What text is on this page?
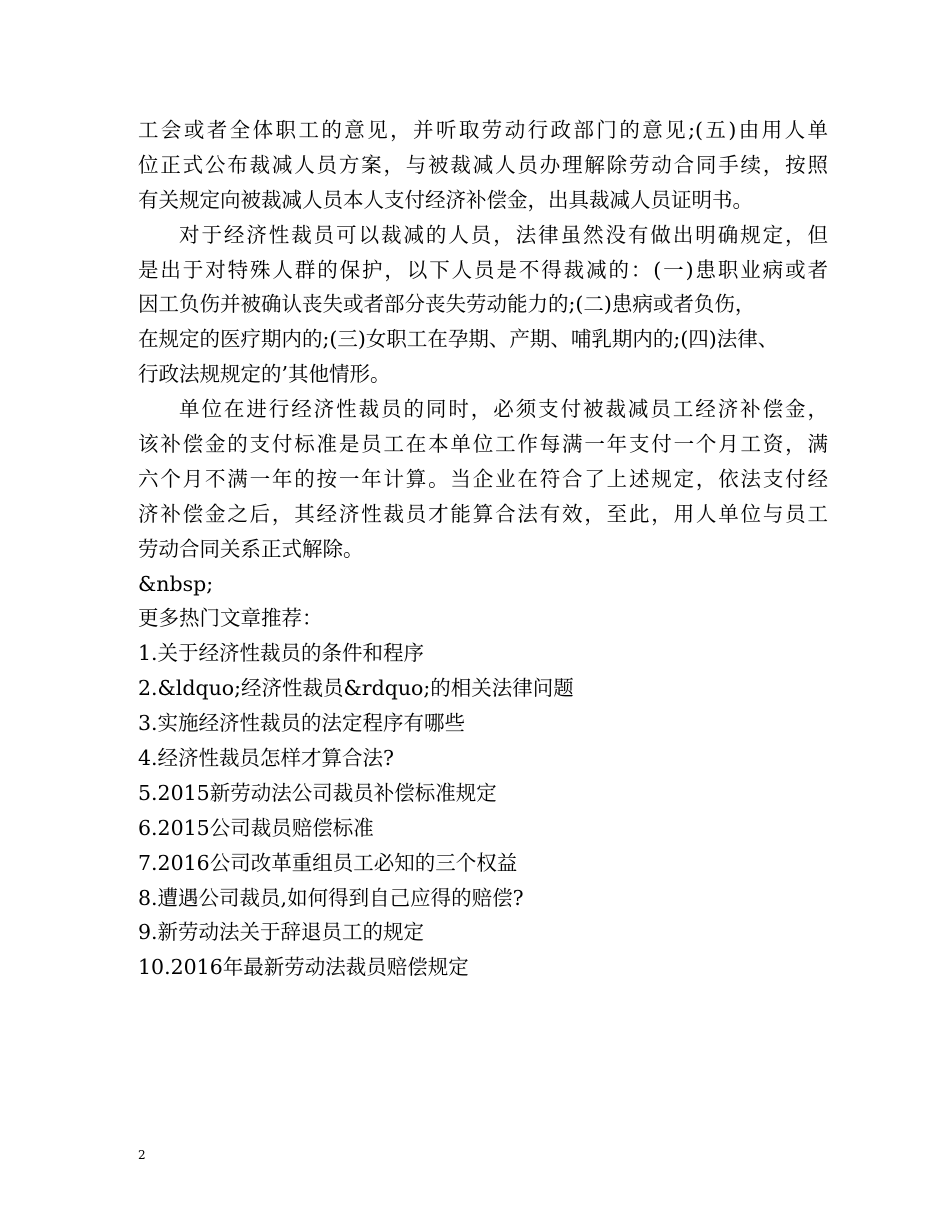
工会或者全体职工的意见，并听取劳动行政部门的意见;(五)由用人单
位正式公布裁减人员方案，与被裁减人员办理解除劳动合同手续，按照
有关规定向被裁减人员本人支付经济补偿金，出具裁减人员证明书。
对于经济性裁员可以裁减的人员，法律虽然没有做出明确规定，但
是出于对特殊人群的保护，以下人员是不得裁减的：(一)患职业病或者
因工负伤并被确认丧失或者部分丧失劳动能力的;(二)患病或者负伤，
在规定的医疗期内的;(三)女职工在孕期、产期、哺乳期内的;(四)法律、
行政法规规定的’其他情形。
单位在进行经济性裁员的同时，必须支付被裁减员工经济补偿金，
该补偿金的支付标准是员工在本单位工作每满一年支付一个月工资，满
六个月不满一年的按一年计算。当企业在符合了上述规定，依法支付经
济补偿金之后，其经济性裁员才能算合法有效，至此，用人单位与员工
劳动合同关系正式解除。
&nbsp;
更多热门文章推荐：
1.关于经济性裁员的条件和程序
2.&ldquo;经济性裁员&rdquo;的相关法律问题
3.实施经济性裁员的法定程序有哪些
4.经济性裁员怎样才算合法?
5.2015新劳动法公司裁员补偿标准规定
6.2015公司裁员赔偿标准
7.2016公司改革重组员工必知的三个权益
8.遭遇公司裁员,如何得到自己应得的赔偿?
9.新劳动法关于辞退员工的规定
10.2016年最新劳动法裁员赔偿规定
2
